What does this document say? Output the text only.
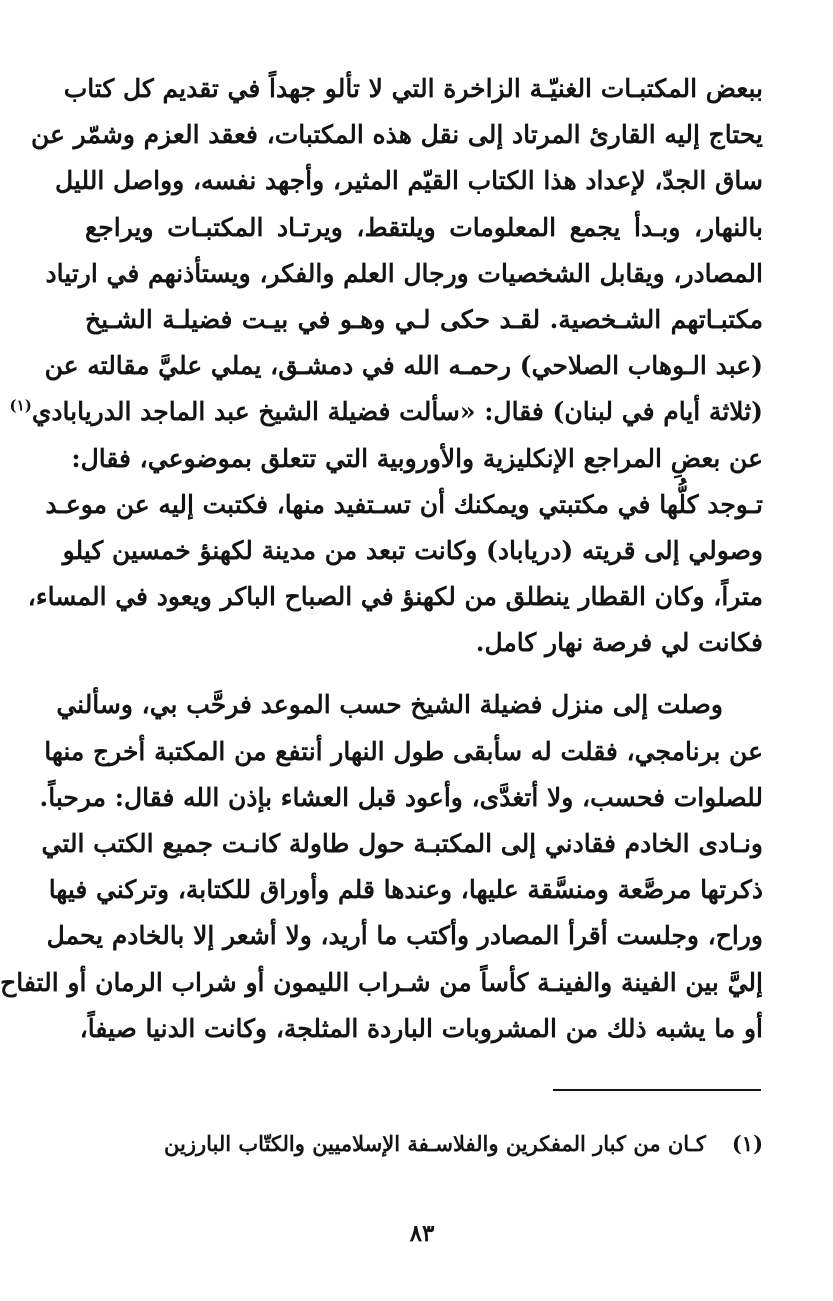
ببعض المكتبـات الغنيّـة الزاخرة التي لا تألو جهداً في تقديم كل كتاب
يحتاج إليه القارئ المرتاد إلى نقل هذه المكتبات، فعقد العزم وشمّر عن
ساق الجدّ، لإعداد هذا الكتاب القيّم المثير، وأجهد نفسه، وواصل الليل
بالنهار، وبـدأ يجمع المعلومات ويلتقط، ويرتـاد المكتبـات ويراجع
المصادر، ويقابل الشخصيات ورجال العلم والفكر، ويستأذنهم في ارتياد
مكتبـاتهم الشـخصية. لقـد حكى لـي وهـو في بيـت فضيلـة الشـيخ
(عبد الـوهاب الصلاحي) رحمـه الله في دمشـق، يملي عليَّ مقالته عن
(ثلاثة أيام في لبنان) فقال: «سألت فضيلة الشيخ عبد الماجد الدريابادي$^{(١)}$
عن بعضِ المراجع الإنكليزية والأوروبية التي تتعلق بموضوعي، فقال:
تـوجد كلُّها في مكتبتي ويمكنك أن تسـتفيد منها، فكتبت إليه عن موعـد
وصولي إلى قريته (درياباد) وكانت تبعد من مدينة لكهنؤ خمسين كيلو
متراً، وكان القطار ينطلق من لكهنؤ في الصباح الباكر ويعود في المساء،
فكانت لي فرصة نهار كامل.
وصلت إلى منزل فضيلة الشيخ حسب الموعد فرحَّب بي، وسألني
عن برنامجي، فقلت له سأبقى طول النهار أنتفع من المكتبة أخرج منها
للصلوات فحسب، ولا أتغدَّى، وأعود قبل العشاء بإذن الله فقال: مرحباً.
ونـادى الخادم فقادني إلى المكتبـة حول طاولة كانـت جميع الكتب التي
ذكرتها مرصَّعة ومنسَّقة عليها، وعندها قلم وأوراق للكتابة، وتركني فيها
وراح، وجلست أقرأ المصادر وأكتب ما أريد، ولا أشعر إلا بالخادم يحمل
إليَّ بين الفينة والفينـة كأساً من شـراب الليمون أو شراب الرمان أو التفاح
أو ما يشبه ذلك من المشروبات الباردة المثلجة، وكانت الدنيا صيفاً،
(١)كـان من كبار المفكرين والفلاسـفة الإسلاميين والكتّاب البارزين
٨٣
